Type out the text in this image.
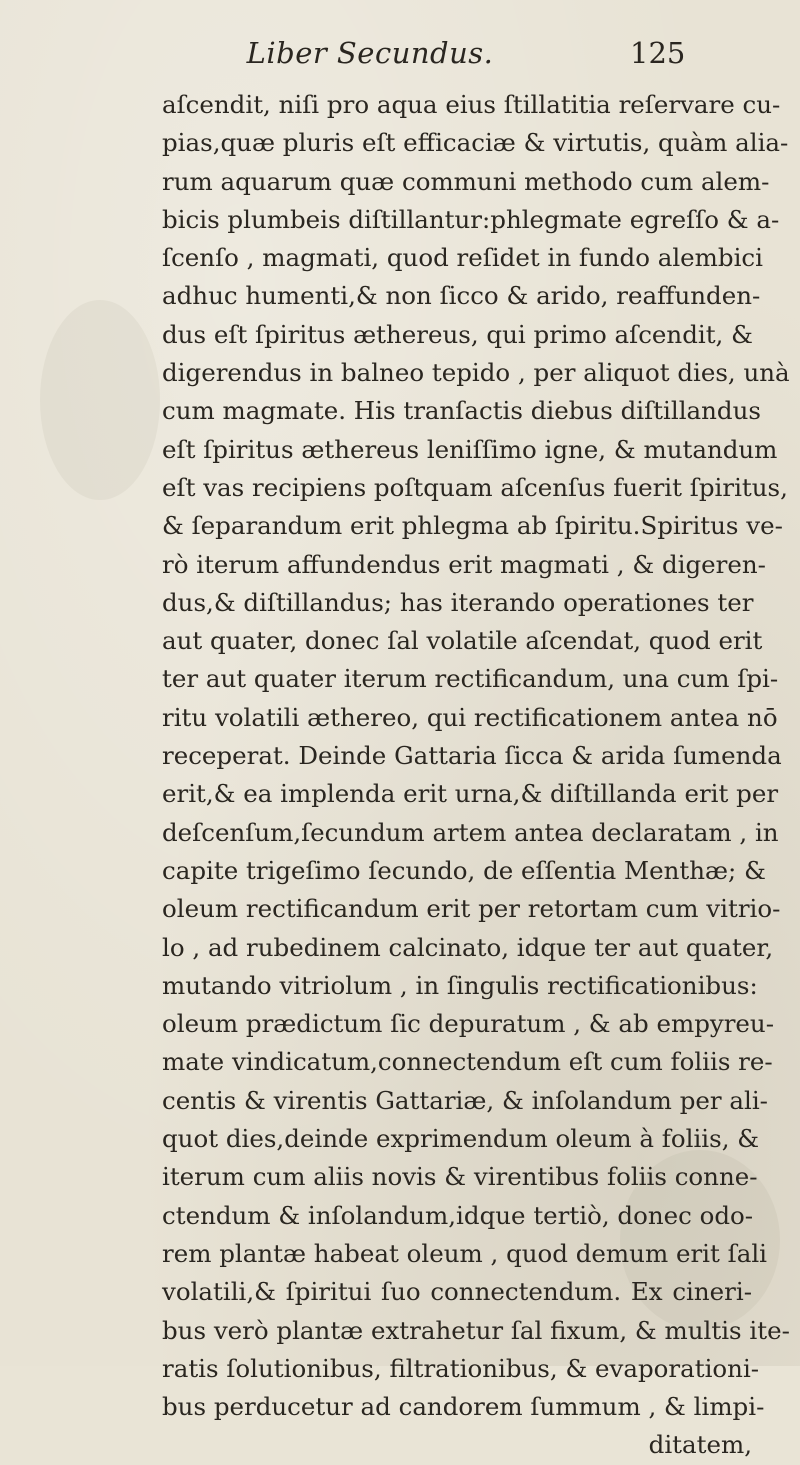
Liber Secundus.	125
aſcendit, niſi pro aqua eius ſtillatitia reſervare cu-
pias,quæ pluris eſt efficaciæ & virtutis, quàm alia-
rum aquarum quæ communi methodo cum alem-
bicis plumbeis diſtillantur:phlegmate egreſſo & a-
ſcenſo , magmati, quod reſidet in fundo alembici
adhuc humenti,& non ſicco & arido, reaffunden-
dus eſt ſpiritus æthereus, qui primo aſcendit, &
digerendus in balneo tepido , per aliquot dies, unà
cum magmate. His tranſactis diebus diſtillandus
eſt ſpiritus æthereus leniſſimo igne, & mutandum
eſt vas recipiens poſtquam aſcenſus fuerit ſpiritus,
& ſeparandum erit phlegma ab ſpiritu.Spiritus ve-
rò iterum affundendus erit magmati , & digeren-
dus,& diſtillandus; has iterando operationes ter
aut quater, donec ſal volatile aſcendat, quod erit
ter aut quater iterum rectificandum, una cum ſpi-
ritu volatili æthereo, qui rectificationem antea nō
receperat. Deinde Gattaria ſicca & arida ſumenda
erit,& ea implenda erit urna,& diſtillanda erit per
deſcenſum,ſecundum artem antea declaratam , in
capite trigeſimo ſecundo, de eſſentia Menthæ; &
oleum rectificandum erit per retortam cum vitrio-
lo , ad rubedinem calcinato, idque ter aut quater,
mutando vitriolum , in ſingulis rectificationibus:
oleum prædictum ſic depuratum , & ab empyreu-
mate vindicatum,connectendum eſt cum foliis re-
centis & virentis Gattariæ, & inſolandum per ali-
quot dies,deinde exprimendum oleum à foliis, &
iterum cum aliis novis & virentibus foliis conne-
ctendum & inſolandum,idque tertiò, donec odo-
rem plantæ habeat oleum , quod demum erit ſali
volatili,& ſpiritui ſuo connectendum. Ex cineri-
bus verò plantæ extrahetur ſal fixum, & multis ite-
ratis ſolutionibus, filtrationibus, & evaporationi-
bus perducetur ad candorem ſummum , & limpi-
ditatem,
